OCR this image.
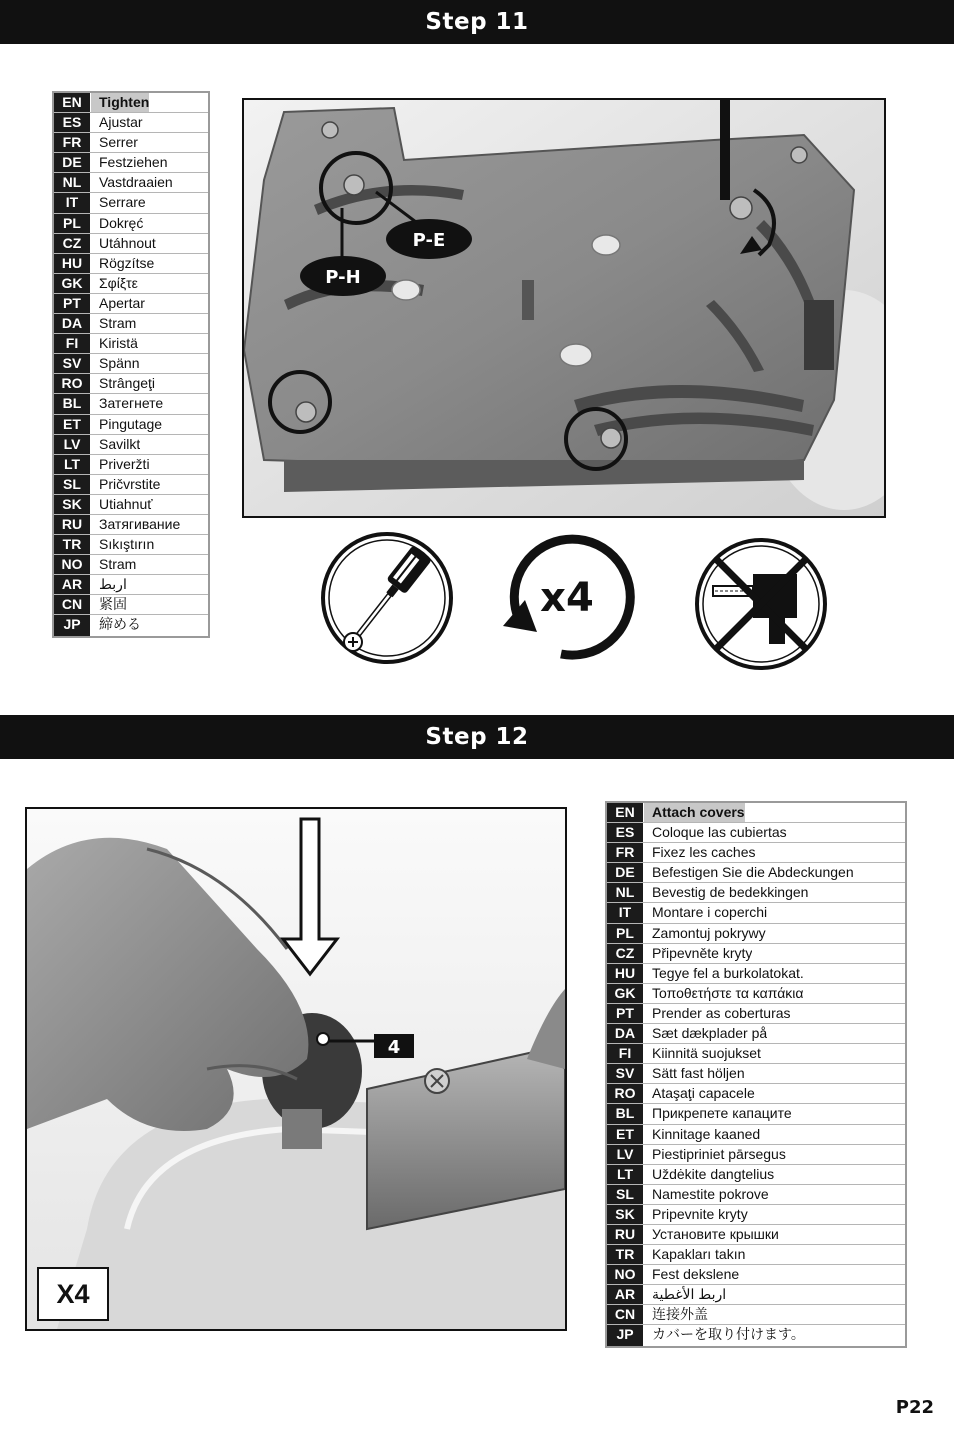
Step 11
EN	Tighten
ES	Ajustar
FR	Serrer
DE	Festziehen
NL	Vastdraaien
IT	Serrare
PL	Dokręć
CZ	Utáhnout
HU	Rögzítse
GK	Σφίξτε
PT	Apertar
DA	Stram
FI	Kiristä
SV	Spänn
RO	Strângeţi
BL	Затегнете
ET	Pingutage
LV	Savilkt
LT	Priveržti
SL	Pričvrstite
SK	Utiahnuť
RU	Затягивание
TR	Sıkıştırın
NO	Stram
AR	اربط
CN	紧固
JP	締める
P-E
P-H
x4
Step 12
4
X4
EN	Attach covers
ES	Coloque las cubiertas
FR	Fixez les caches
DE	Befestigen Sie die Abdeckungen
NL	Bevestig de bedekkingen
IT	Montare i coperchi
PL	Zamontuj pokrywy
CZ	Připevněte kryty
HU	Tegye fel a burkolatokat.
GK	Τοποθετήστε τα καπάκια
PT	Prender as coberturas
DA	Sæt dækplader på
FI	Kiinnitä suojukset
SV	Sätt fast höljen
RO	Ataşaţi capacele
BL	Прикрепете капаците
ET	Kinnitage kaaned
LV	Piestipriniet pārsegus
LT	Uždėkite dangtelius
SL	Namestite pokrove
SK	Pripevnite kryty
RU	Установите крышки
TR	Kapakları takın
NO	Fest dekslene
AR	اربط الأغطية
CN	连接外盖
JP	カバーを取り付けます。
P22
